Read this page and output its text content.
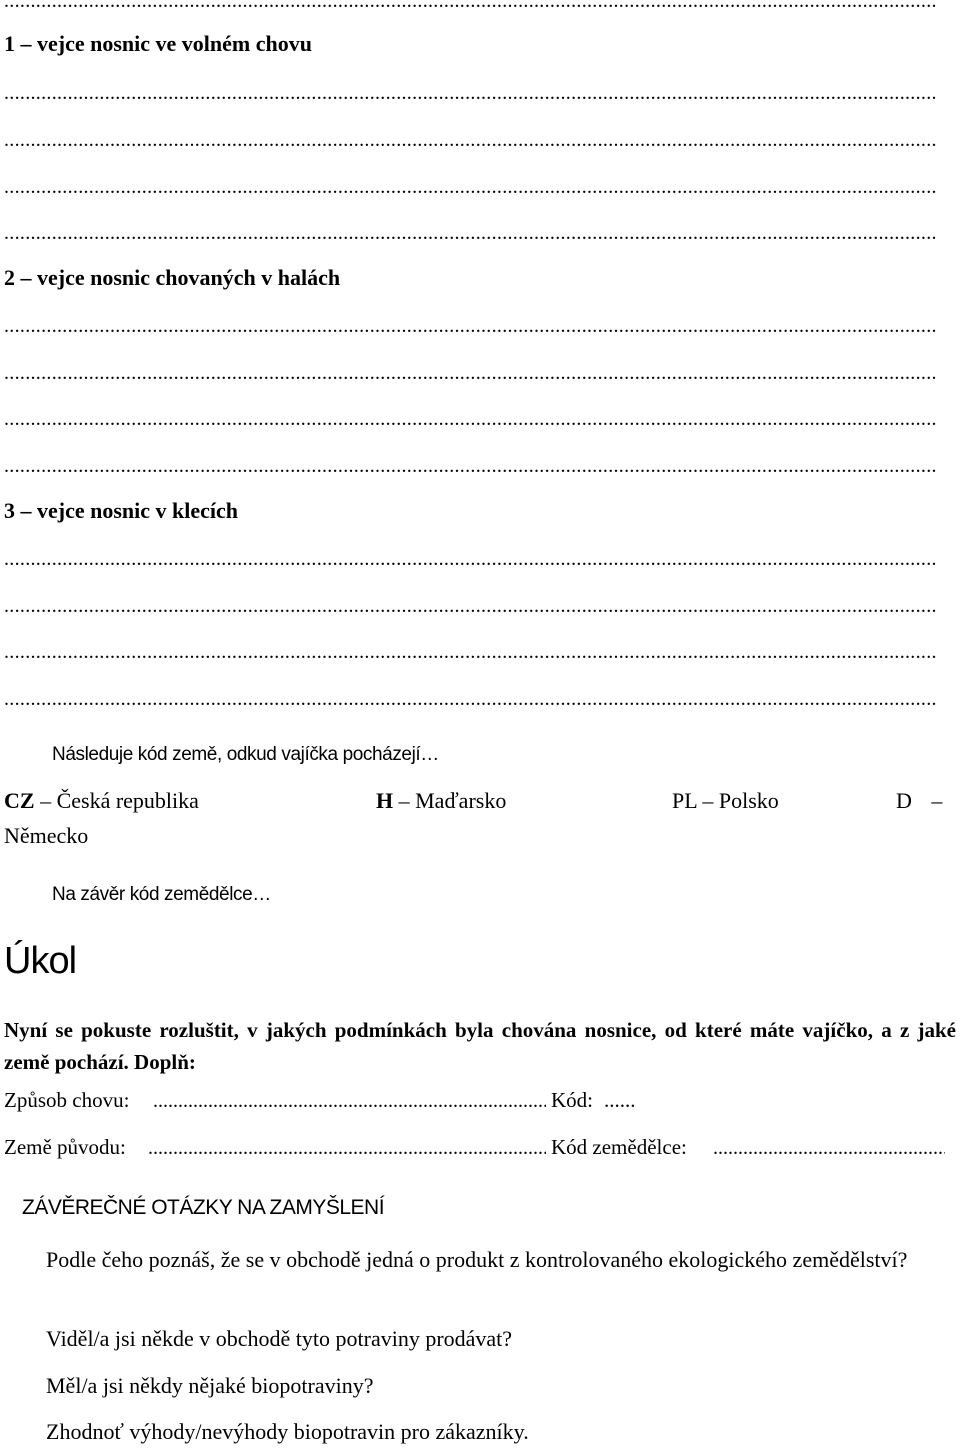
.....
1 – vejce nosnic ve volném chovu
.....
.....
.....
.....
2 – vejce nosnic chovaných v halách
.....
.....
.....
.....
3 – vejce nosnic v klecích
.....
.....
.....
.....
Následuje kód země, odkud vajíčka pocházejí…
CZ – Česká republika	H – Maďarsko	PL – Polsko	D –
Německo
Na závěr kód zemědělce…
Úkol
Nyní se pokuste rozluštit, v jakých podmínkách byla chována nosnice, od které máte vajíčko, a z jaké země pochází. Doplň:
Způsob chovu: .....	Kód: ......
Země původu: .....	Kód zemědělce:
.....
ZÁVĚREČNÉ OTÁZKY NA ZAMYŠLENÍ
Podle čeho poznáš, že se v obchodě jedná o produkt z kontrolovaného ekologického zemědělství?
Viděl/a jsi někde v obchodě tyto potraviny prodávat?
Měl/a jsi někdy nějaké biopotraviny?
Zhodnoť výhody/nevýhody biopotravin pro zákazníky.
